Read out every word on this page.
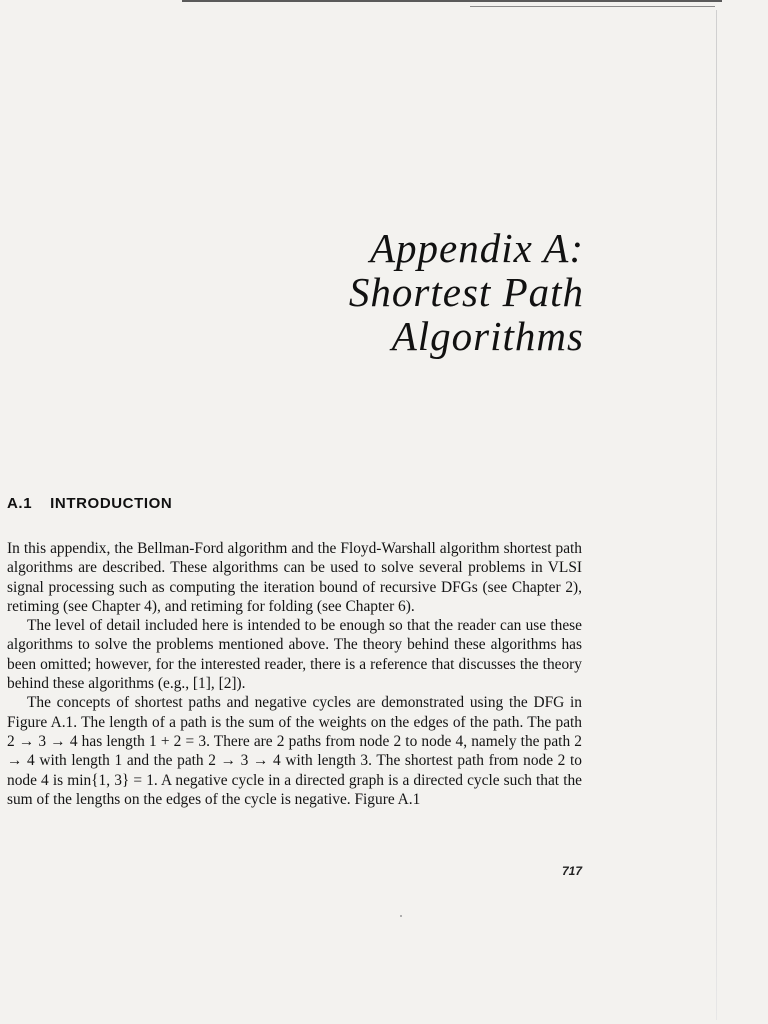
Appendix A:
Shortest Path
Algorithms
A.1 INTRODUCTION

In this appendix, the Bellman-Ford algorithm and the Floyd-Warshall algorithm shortest path algorithms are described. These algorithms can be used to solve several problems in VLSI signal processing such as computing the iteration bound of recursive DFGs (see Chapter 2), retiming (see Chapter 4), and retiming for folding (see Chapter 6).

The level of detail included here is intended to be enough so that the reader can use these algorithms to solve the problems mentioned above. The theory behind these algorithms has been omitted; however, for the interested reader, there is a reference that discusses the theory behind these algorithms (e.g., [1], [2]).

The concepts of shortest paths and negative cycles are demonstrated using the DFG in Figure A.1. The length of a path is the sum of the weights on the edges of the path. The path 2 → 3 → 4 has length 1 + 2 = 3. There are 2 paths from node 2 to node 4, namely the path 2 → 4 with length 1 and the path 2 → 3 → 4 with length 3. The shortest path from node 2 to node 4 is min{1, 3} = 1. A negative cycle in a directed graph is a directed cycle such that the sum of the lengths on the edges of the cycle is negative. Figure A.1

717
